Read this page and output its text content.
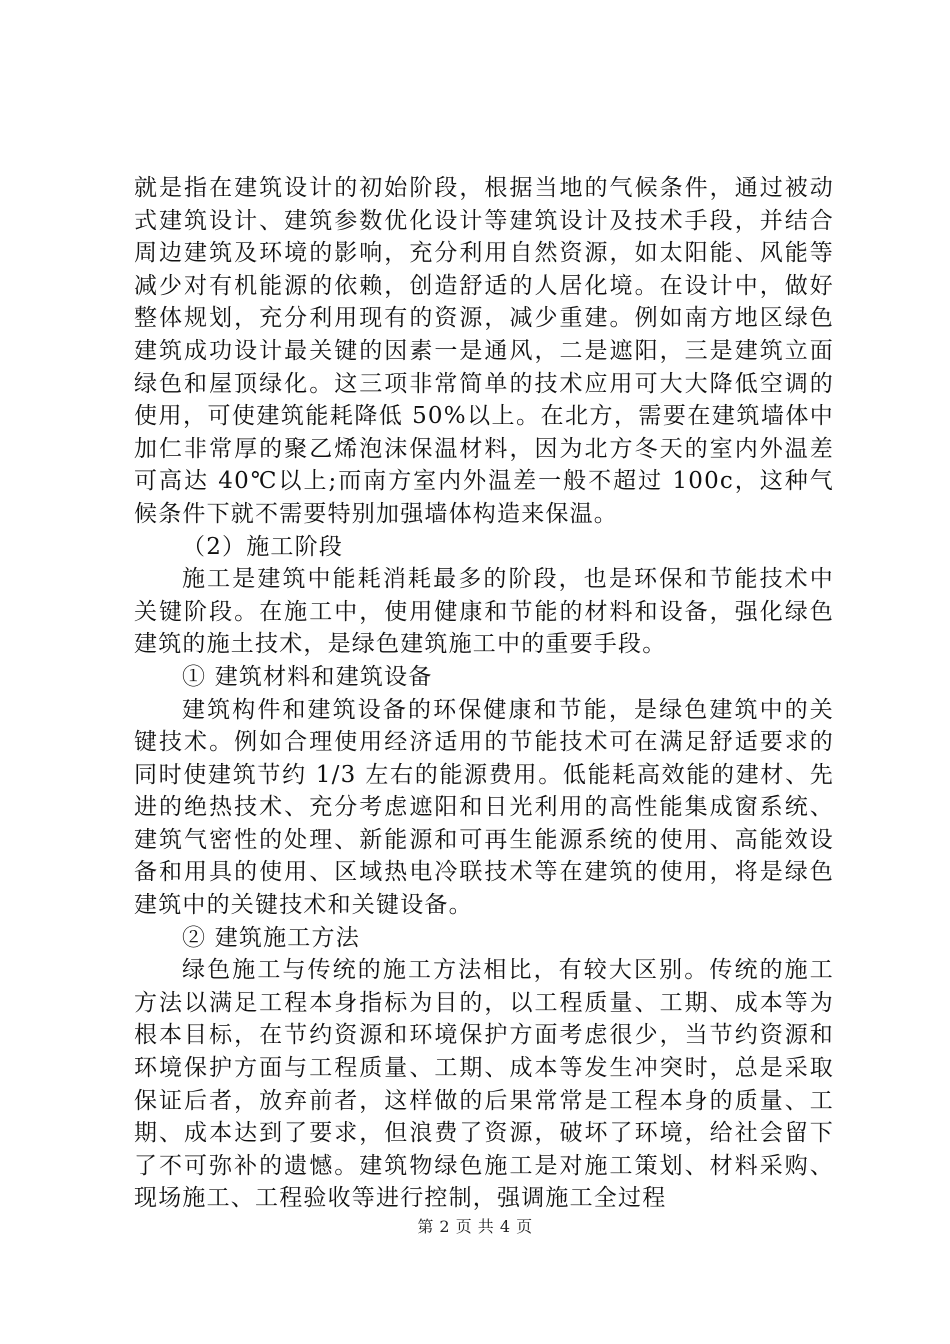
就是指在建筑设计的初始阶段，根据当地的气候条件，通过被动式建筑设计、建筑参数优化设计等建筑设计及技术手段，并结合周边建筑及环境的影响，充分利用自然资源，如太阳能、风能等减少对有机能源的依赖，创造舒适的人居化境。在设计中，做好整体规划，充分利用现有的资源，减少重建。例如南方地区绿色建筑成功设计最关键的因素一是通风，二是遮阳，三是建筑立面绿色和屋顶绿化。这三项非常简单的技术应用可大大降低空调的使用，可使建筑能耗降低 50%以上。在北方，需要在建筑墙体中加仁非常厚的聚乙烯泡沫保温材料，因为北方冬天的室内外温差可高达 40℃以上;而南方室内外温差一般不超过 100c，这种气候条件下就不需要特别加强墙体构造来保温。

（2）施工阶段

施工是建筑中能耗消耗最多的阶段，也是环保和节能技术中关键阶段。在施工中，使用健康和节能的材料和设备，强化绿色建筑的施土技术，是绿色建筑施工中的重要手段。

① 建筑材料和建筑设备

建筑构件和建筑设备的环保健康和节能，是绿色建筑中的关键技术。例如合理使用经济适用的节能技术可在满足舒适要求的同时使建筑节约 1/3 左右的能源费用。低能耗高效能的建材、先进的绝热技术、充分考虑遮阳和日光利用的高性能集成窗系统、建筑气密性的处理、新能源和可再生能源系统的使用、高能效设备和用具的使用、区域热电冷联技术等在建筑的使用，将是绿色建筑中的关键技术和关键设备。

② 建筑施工方法

绿色施工与传统的施工方法相比，有较大区别。传统的施工方法以满足工程本身指标为目的，以工程质量、工期、成本等为根本目标，在节约资源和环境保护方面考虑很少，当节约资源和环境保护方面与工程质量、工期、成本等发生冲突时，总是采取保证后者，放弃前者，这样做的后果常常是工程本身的质量、工期、成本达到了要求，但浪费了资源，破坏了环境，给社会留下了不可弥补的遗憾。建筑物绿色施工是对施工策划、材料采购、现场施工、工程验收等进行控制，强调施工全过程

第 2 页 共 4 页
